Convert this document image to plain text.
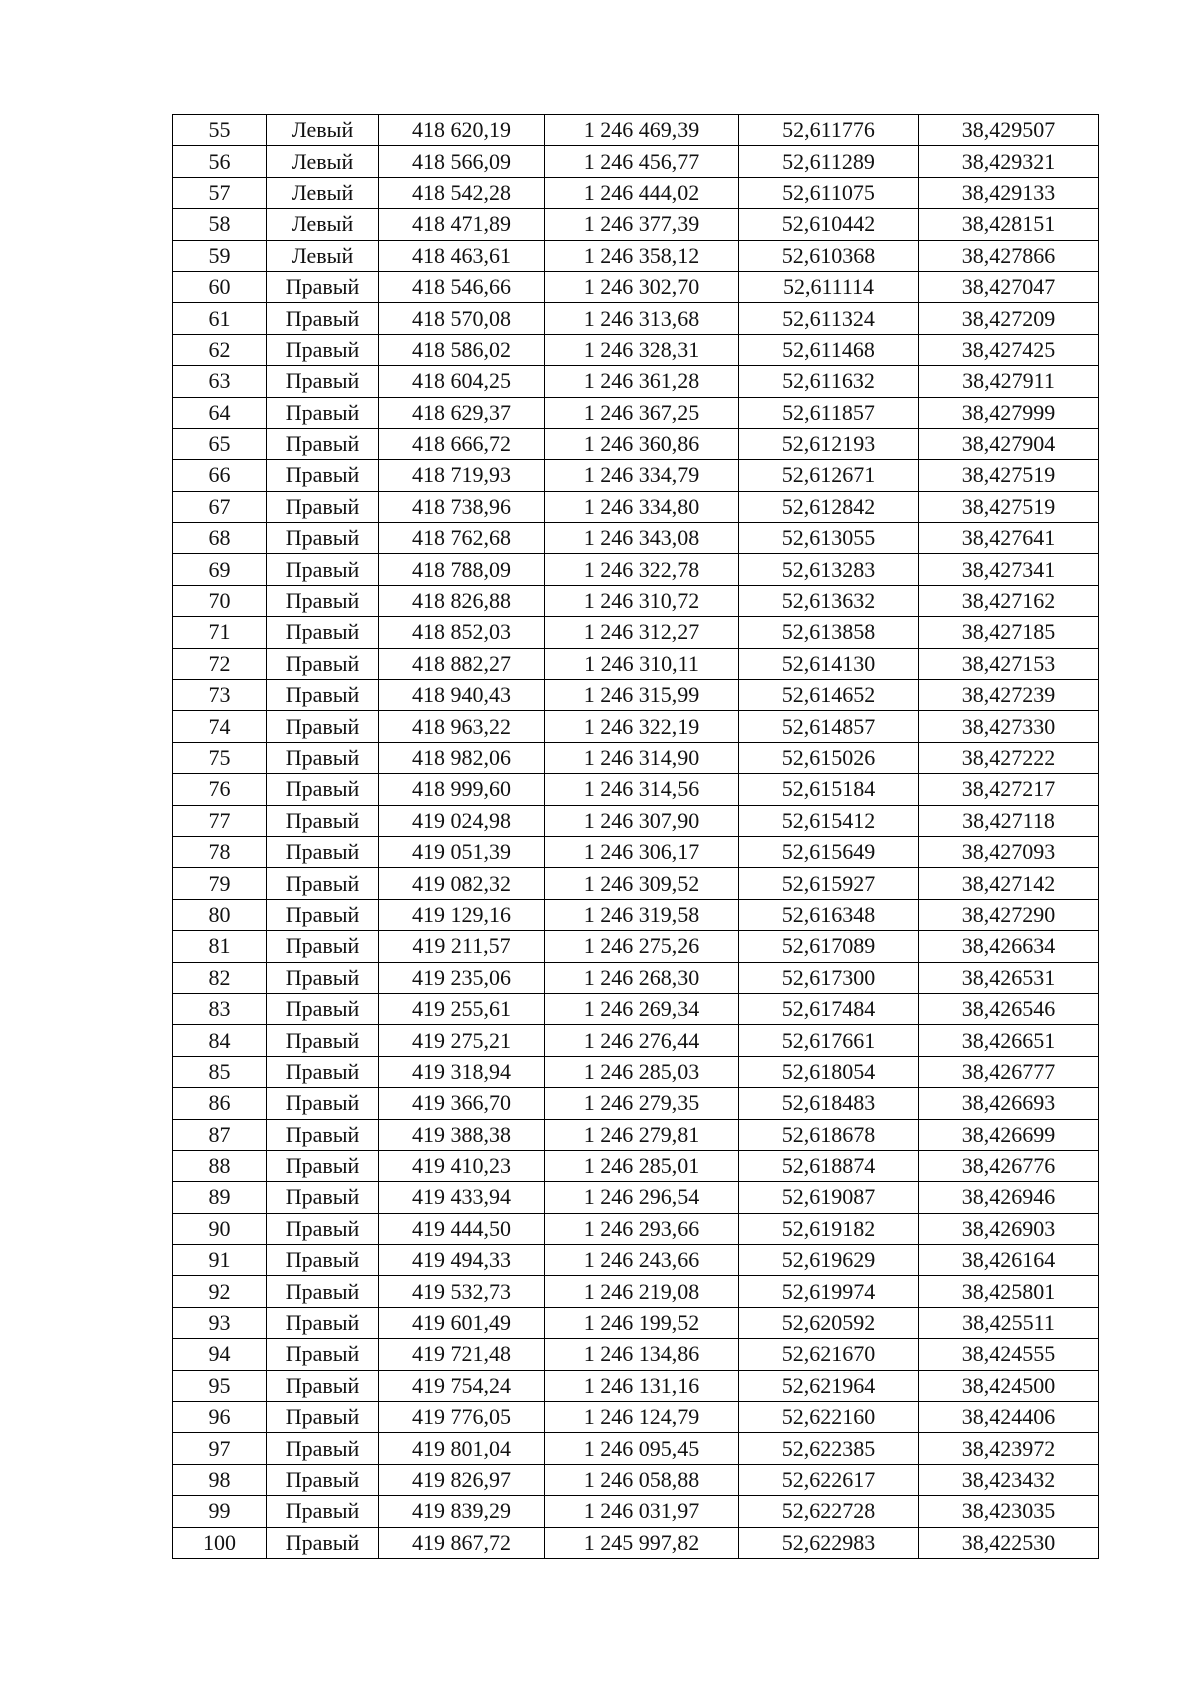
55	Левый	418 620,19	1 246 469,39	52,611776	38,429507
56	Левый	418 566,09	1 246 456,77	52,611289	38,429321
57	Левый	418 542,28	1 246 444,02	52,611075	38,429133
58	Левый	418 471,89	1 246 377,39	52,610442	38,428151
59	Левый	418 463,61	1 246 358,12	52,610368	38,427866
60	Правый	418 546,66	1 246 302,70	52,611114	38,427047
61	Правый	418 570,08	1 246 313,68	52,611324	38,427209
62	Правый	418 586,02	1 246 328,31	52,611468	38,427425
63	Правый	418 604,25	1 246 361,28	52,611632	38,427911
64	Правый	418 629,37	1 246 367,25	52,611857	38,427999
65	Правый	418 666,72	1 246 360,86	52,612193	38,427904
66	Правый	418 719,93	1 246 334,79	52,612671	38,427519
67	Правый	418 738,96	1 246 334,80	52,612842	38,427519
68	Правый	418 762,68	1 246 343,08	52,613055	38,427641
69	Правый	418 788,09	1 246 322,78	52,613283	38,427341
70	Правый	418 826,88	1 246 310,72	52,613632	38,427162
71	Правый	418 852,03	1 246 312,27	52,613858	38,427185
72	Правый	418 882,27	1 246 310,11	52,614130	38,427153
73	Правый	418 940,43	1 246 315,99	52,614652	38,427239
74	Правый	418 963,22	1 246 322,19	52,614857	38,427330
75	Правый	418 982,06	1 246 314,90	52,615026	38,427222
76	Правый	418 999,60	1 246 314,56	52,615184	38,427217
77	Правый	419 024,98	1 246 307,90	52,615412	38,427118
78	Правый	419 051,39	1 246 306,17	52,615649	38,427093
79	Правый	419 082,32	1 246 309,52	52,615927	38,427142
80	Правый	419 129,16	1 246 319,58	52,616348	38,427290
81	Правый	419 211,57	1 246 275,26	52,617089	38,426634
82	Правый	419 235,06	1 246 268,30	52,617300	38,426531
83	Правый	419 255,61	1 246 269,34	52,617484	38,426546
84	Правый	419 275,21	1 246 276,44	52,617661	38,426651
85	Правый	419 318,94	1 246 285,03	52,618054	38,426777
86	Правый	419 366,70	1 246 279,35	52,618483	38,426693
87	Правый	419 388,38	1 246 279,81	52,618678	38,426699
88	Правый	419 410,23	1 246 285,01	52,618874	38,426776
89	Правый	419 433,94	1 246 296,54	52,619087	38,426946
90	Правый	419 444,50	1 246 293,66	52,619182	38,426903
91	Правый	419 494,33	1 246 243,66	52,619629	38,426164
92	Правый	419 532,73	1 246 219,08	52,619974	38,425801
93	Правый	419 601,49	1 246 199,52	52,620592	38,425511
94	Правый	419 721,48	1 246 134,86	52,621670	38,424555
95	Правый	419 754,24	1 246 131,16	52,621964	38,424500
96	Правый	419 776,05	1 246 124,79	52,622160	38,424406
97	Правый	419 801,04	1 246 095,45	52,622385	38,423972
98	Правый	419 826,97	1 246 058,88	52,622617	38,423432
99	Правый	419 839,29	1 246 031,97	52,622728	38,423035
100	Правый	419 867,72	1 245 997,82	52,622983	38,422530
